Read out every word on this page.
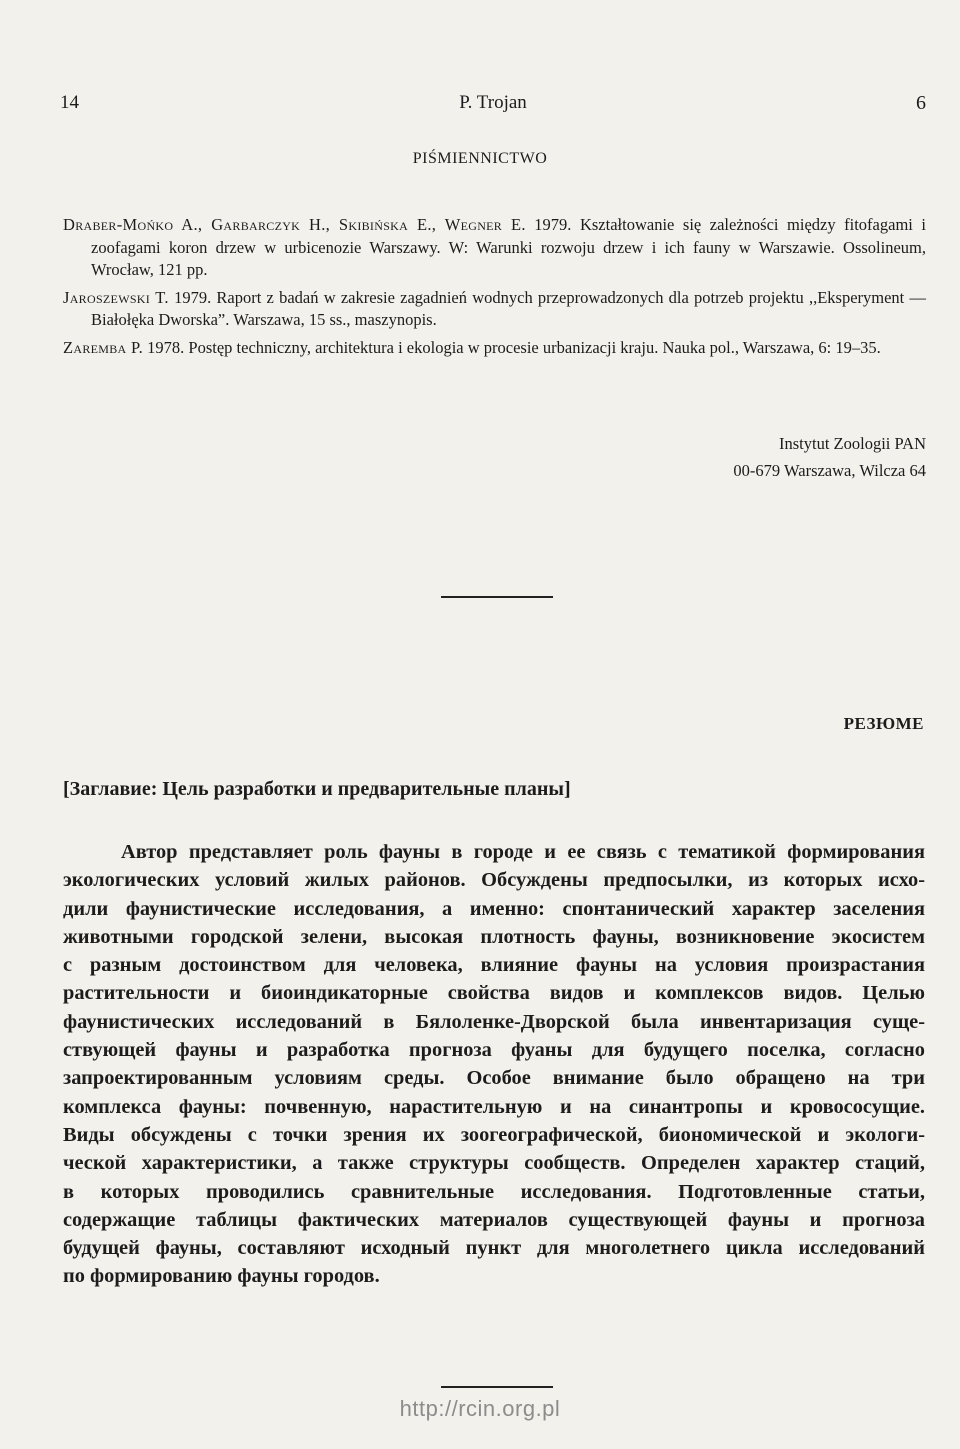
14	P. Trojan	6
PIŚMIENNICTWO
Draber-Mońko A., Garbarczyk H., Skibińska E., Wegner E. 1979. Kształtowanie się zależności między fitofagami i zoofagami koron drzew w urbicenozie Warszawy. W: Warunki rozwoju drzew i ich fauny w Warszawie. Ossolineum, Wrocław, 121 pp.
Jaroszewski T. 1979. Raport z badań w zakresie zagadnień wodnych przeprowadzonych dla potrzeb projektu ,,Eksperyment — Białołęka Dworska”. Warszawa, 15 ss., maszynopis.
Zaremba P. 1978. Postęp techniczny, architektura i ekologia w procesie urbanizacji kraju. Nauka pol., Warszawa, 6: 19–35.
Instytut Zoologii PAN
00-679 Warszawa, Wilcza 64
РЕЗЮМЕ
[Заглавие: Цель разработки и предварительные планы]
Автор представляет роль фауны в городе и ее связь с тематикой формирования
экологических условий жилых районов. Обсуждены предпосылки, из которых исхо-
дили фаунистические исследования, а именно: спонтанический характер заселения
животными городской зелени, высокая плотность фауны, возникновение экосистем
с разным достоинством для человека, влияние фауны на условия произрастания
растительности и биоиндикаторные свойства видов и комплексов видов. Целью
фаунистических исследований в Бялоленке-Дворской была инвентаризация суще-
ствующей фауны и разработка прогноза фуаны для будущего поселка, согласно
запроектированным условиям среды. Особое внимание было обращено на три
комплекса фауны: почвенную, нарастительную и на синантропы и кровососущие.
Виды обсуждены с точки зрения их зоогеографической, биономической и экологи-
ческой характеристики, а также структуры сообществ. Определен характер стаций,
в которых проводились сравнительные исследования. Подготовленные статьи,
содержащие таблицы фактических материалов существующей фауны и прогноза
будущей фауны, составляют исходный пункт для многолетнего цикла исследований
по формированию фауны городов.
http://rcin.org.pl
